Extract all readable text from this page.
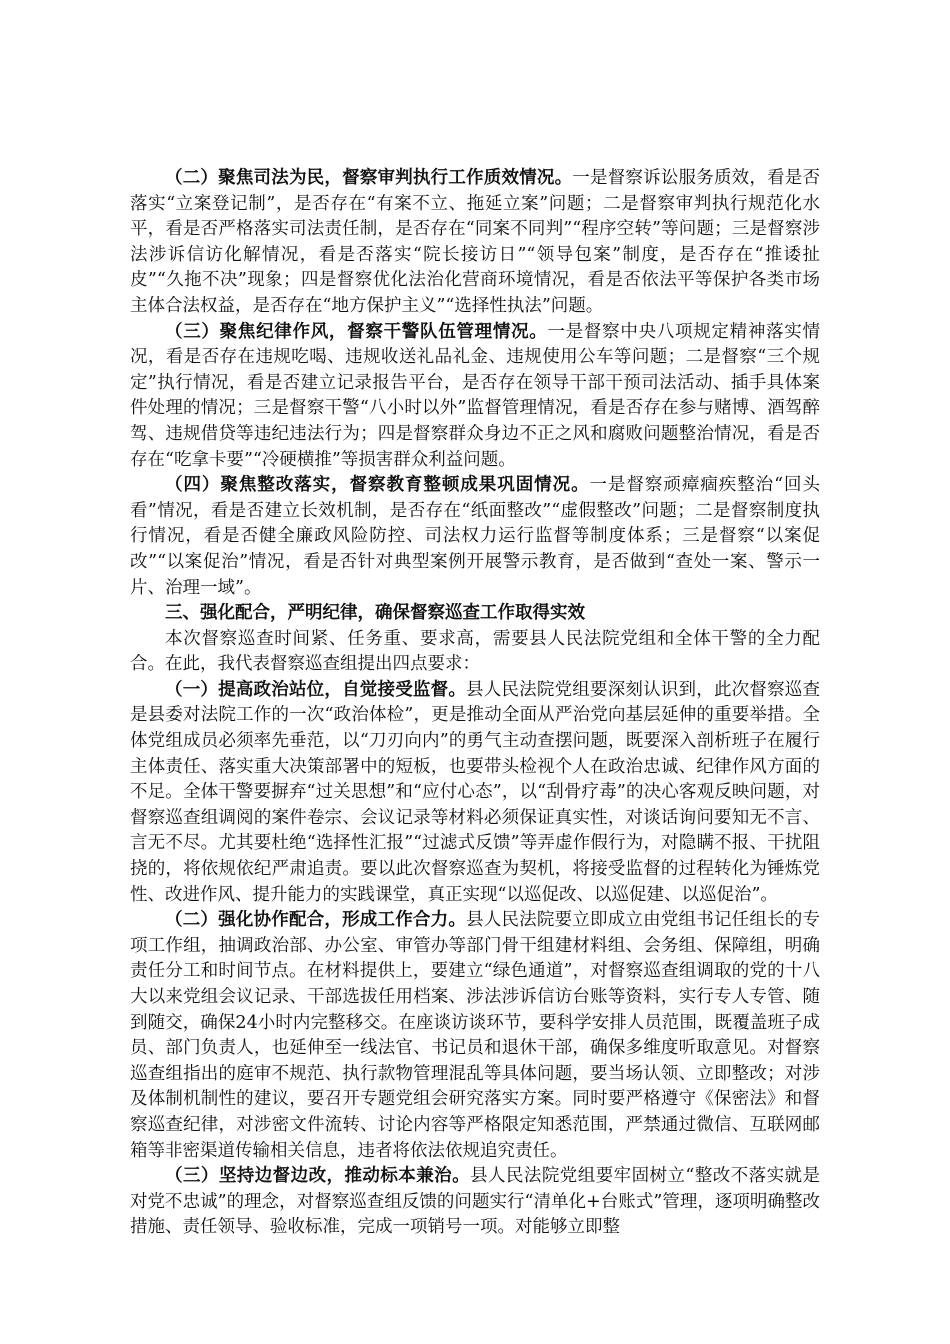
（二）聚焦司法为民，督察审判执行工作质效情况。一是督察诉讼服务质效，看是否落实“立案登记制”，是否存在“有案不立、拖延立案”问题；二是督察审判执行规范化水平，看是否严格落实司法责任制，是否存在“同案不同判”“程序空转”等问题；三是督察涉法涉诉信访化解情况，看是否落实“院长接访日”“领导包案”制度，是否存在“推诿扯皮”“久拖不决”现象；四是督察优化法治化营商环境情况，看是否依法平等保护各类市场主体合法权益，是否存在“地方保护主义”“选择性执法”问题。

（三）聚焦纪律作风，督察干警队伍管理情况。一是督察中央八项规定精神落实情况，看是否存在违规吃喝、违规收送礼品礼金、违规使用公车等问题；二是督察“三个规定”执行情况，看是否建立记录报告平台，是否存在领导干部干预司法活动、插手具体案件处理的情况；三是督察干警“八小时以外”监督管理情况，看是否存在参与赌博、酒驾醉驾、违规借贷等违纪违法行为；四是督察群众身边不正之风和腐败问题整治情况，看是否存在“吃拿卡要”“冷硬横推”等损害群众利益问题。

（四）聚焦整改落实，督察教育整顿成果巩固情况。一是督察顽瘴痼疾整治“回头看”情况，看是否建立长效机制，是否存在“纸面整改”“虚假整改”问题；二是督察制度执行情况，看是否健全廉政风险防控、司法权力运行监督等制度体系；三是督察“以案促改”“以案促治”情况，看是否针对典型案例开展警示教育，是否做到“查处一案、警示一片、治理一域”。

三、强化配合，严明纪律，确保督察巡查工作取得实效

本次督察巡查时间紧、任务重、要求高，需要县人民法院党组和全体干警的全力配合。在此，我代表督察巡查组提出四点要求：

（一）提高政治站位，自觉接受监督。县人民法院党组要深刻认识到，此次督察巡查是县委对法院工作的一次“政治体检”，更是推动全面从严治党向基层延伸的重要举措。全体党组成员必须率先垂范，以“刀刃向内”的勇气主动查摆问题，既要深入剖析班子在履行主体责任、落实重大决策部署中的短板，也要带头检视个人在政治忠诚、纪律作风方面的不足。全体干警要摒弃“过关思想”和“应付心态”，以“刮骨疗毒”的决心客观反映问题，对督察巡查组调阅的案件卷宗、会议记录等材料必须保证真实性，对谈话询问要知无不言、言无不尽。尤其要杜绝“选择性汇报”“过滤式反馈”等弄虚作假行为，对隐瞒不报、干扰阻挠的，将依规依纪严肃追责。要以此次督察巡查为契机，将接受监督的过程转化为锤炼党性、改进作风、提升能力的实践课堂，真正实现“以巡促改、以巡促建、以巡促治”。

（二）强化协作配合，形成工作合力。县人民法院要立即成立由党组书记任组长的专项工作组，抽调政治部、办公室、审管办等部门骨干组建材料组、会务组、保障组，明确责任分工和时间节点。在材料提供上，要建立“绿色通道”，对督察巡查组调取的党的十八大以来党组会议记录、干部选拔任用档案、涉法涉诉信访台账等资料，实行专人专管、随到随交，确保24小时内完整移交。在座谈访谈环节，要科学安排人员范围，既覆盖班子成员、部门负责人，也延伸至一线法官、书记员和退休干部，确保多维度听取意见。对督察巡查组指出的庭审不规范、执行款物管理混乱等具体问题，要当场认领、立即整改；对涉及体制机制性的建议，要召开专题党组会研究落实方案。同时要严格遵守《保密法》和督察巡查纪律，对涉密文件流转、讨论内容等严格限定知悉范围，严禁通过微信、互联网邮箱等非密渠道传输相关信息，违者将依法依规追究责任。

（三）坚持边督边改，推动标本兼治。县人民法院党组要牢固树立“整改不落实就是对党不忠诚”的理念，对督察巡查组反馈的问题实行“清单化+台账式”管理，逐项明确整改措施、责任领导、验收标准，完成一项销号一项。对能够立即整
